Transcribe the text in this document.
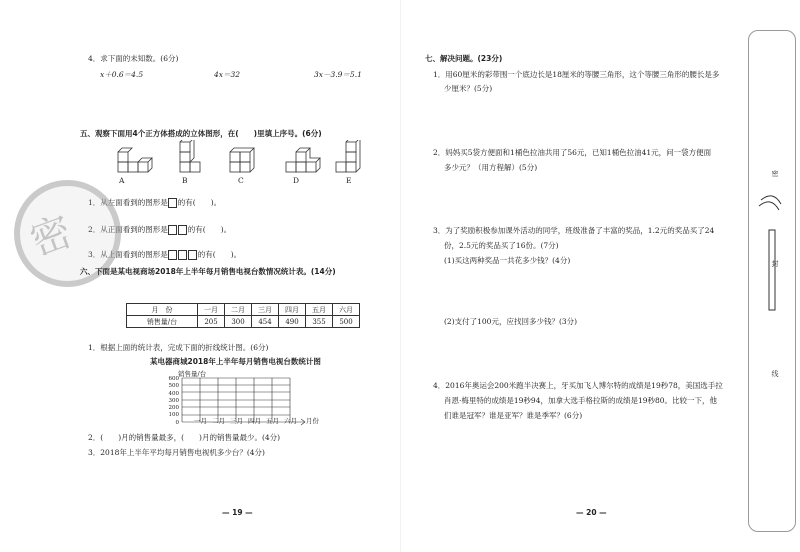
4．求下面的未知数。(6分)
x＋0.6＝4.5	4x＝32	3x－3.9＝5.1
五、观察下面用4个正方体搭成的立体图形，在(　　)里填上序号。(6分)
A	B	C	D	E
1．从左面看到的图形是 的有(　　)。
2．从正面看到的图形是	的有(　　)。
3．从上面看到的图形是	的有(　　)。
密
六、下面是某电视商场2018年上半年每月销售电视台数情况统计表。(14分)
月　份	一月	二月	三月	四月	五月	六月
销售量/台	205	300	454	490	355	500
1．根据上面的统计表，完成下面的折线统计图。(6分)
某电器商城2018年上半年每月销售电视台数统计图
销售量/台
600
500
400
300
200
100
0 一月 二月 三月 四月 五月 六月 月份
2．(　　)月的销售量最多，(　　)月的销售量最少。(4分)
3．2018年上半年平均每月销售电视机多少台？(4分)
— 19 —
七、解决问题。(23分)
1．用60厘米的彩带围一个底边长是18厘米的等腰三角形，这个等腰三角形的腰长是多
少厘米？(5分)
2．妈妈买5袋方便面和1桶色拉油共用了56元，已知1桶色拉油41元，问一袋方便面
多少元？（用方程解）(5分)
3．为了奖励积极参加课外活动的同学，班级准备了丰富的奖品，1.2元的奖品买了24
份，2.5元的奖品买了16份。(7分)
(1)买这两种奖品一共花多少钱？(4分)
(2)支付了100元，应找回多少钱？(3分)
4．2016年奥运会200米跑半决赛上，牙买加飞人博尔特的成绩是19秒78，美国选手拉
肖恩·梅里特的成绩是19秒94，加拿大选手格拉斯的成绩是19秒80。比较一下，他
们谁是冠军？谁是亚军？谁是季军？(6分)
— 20 —
密
封
线
